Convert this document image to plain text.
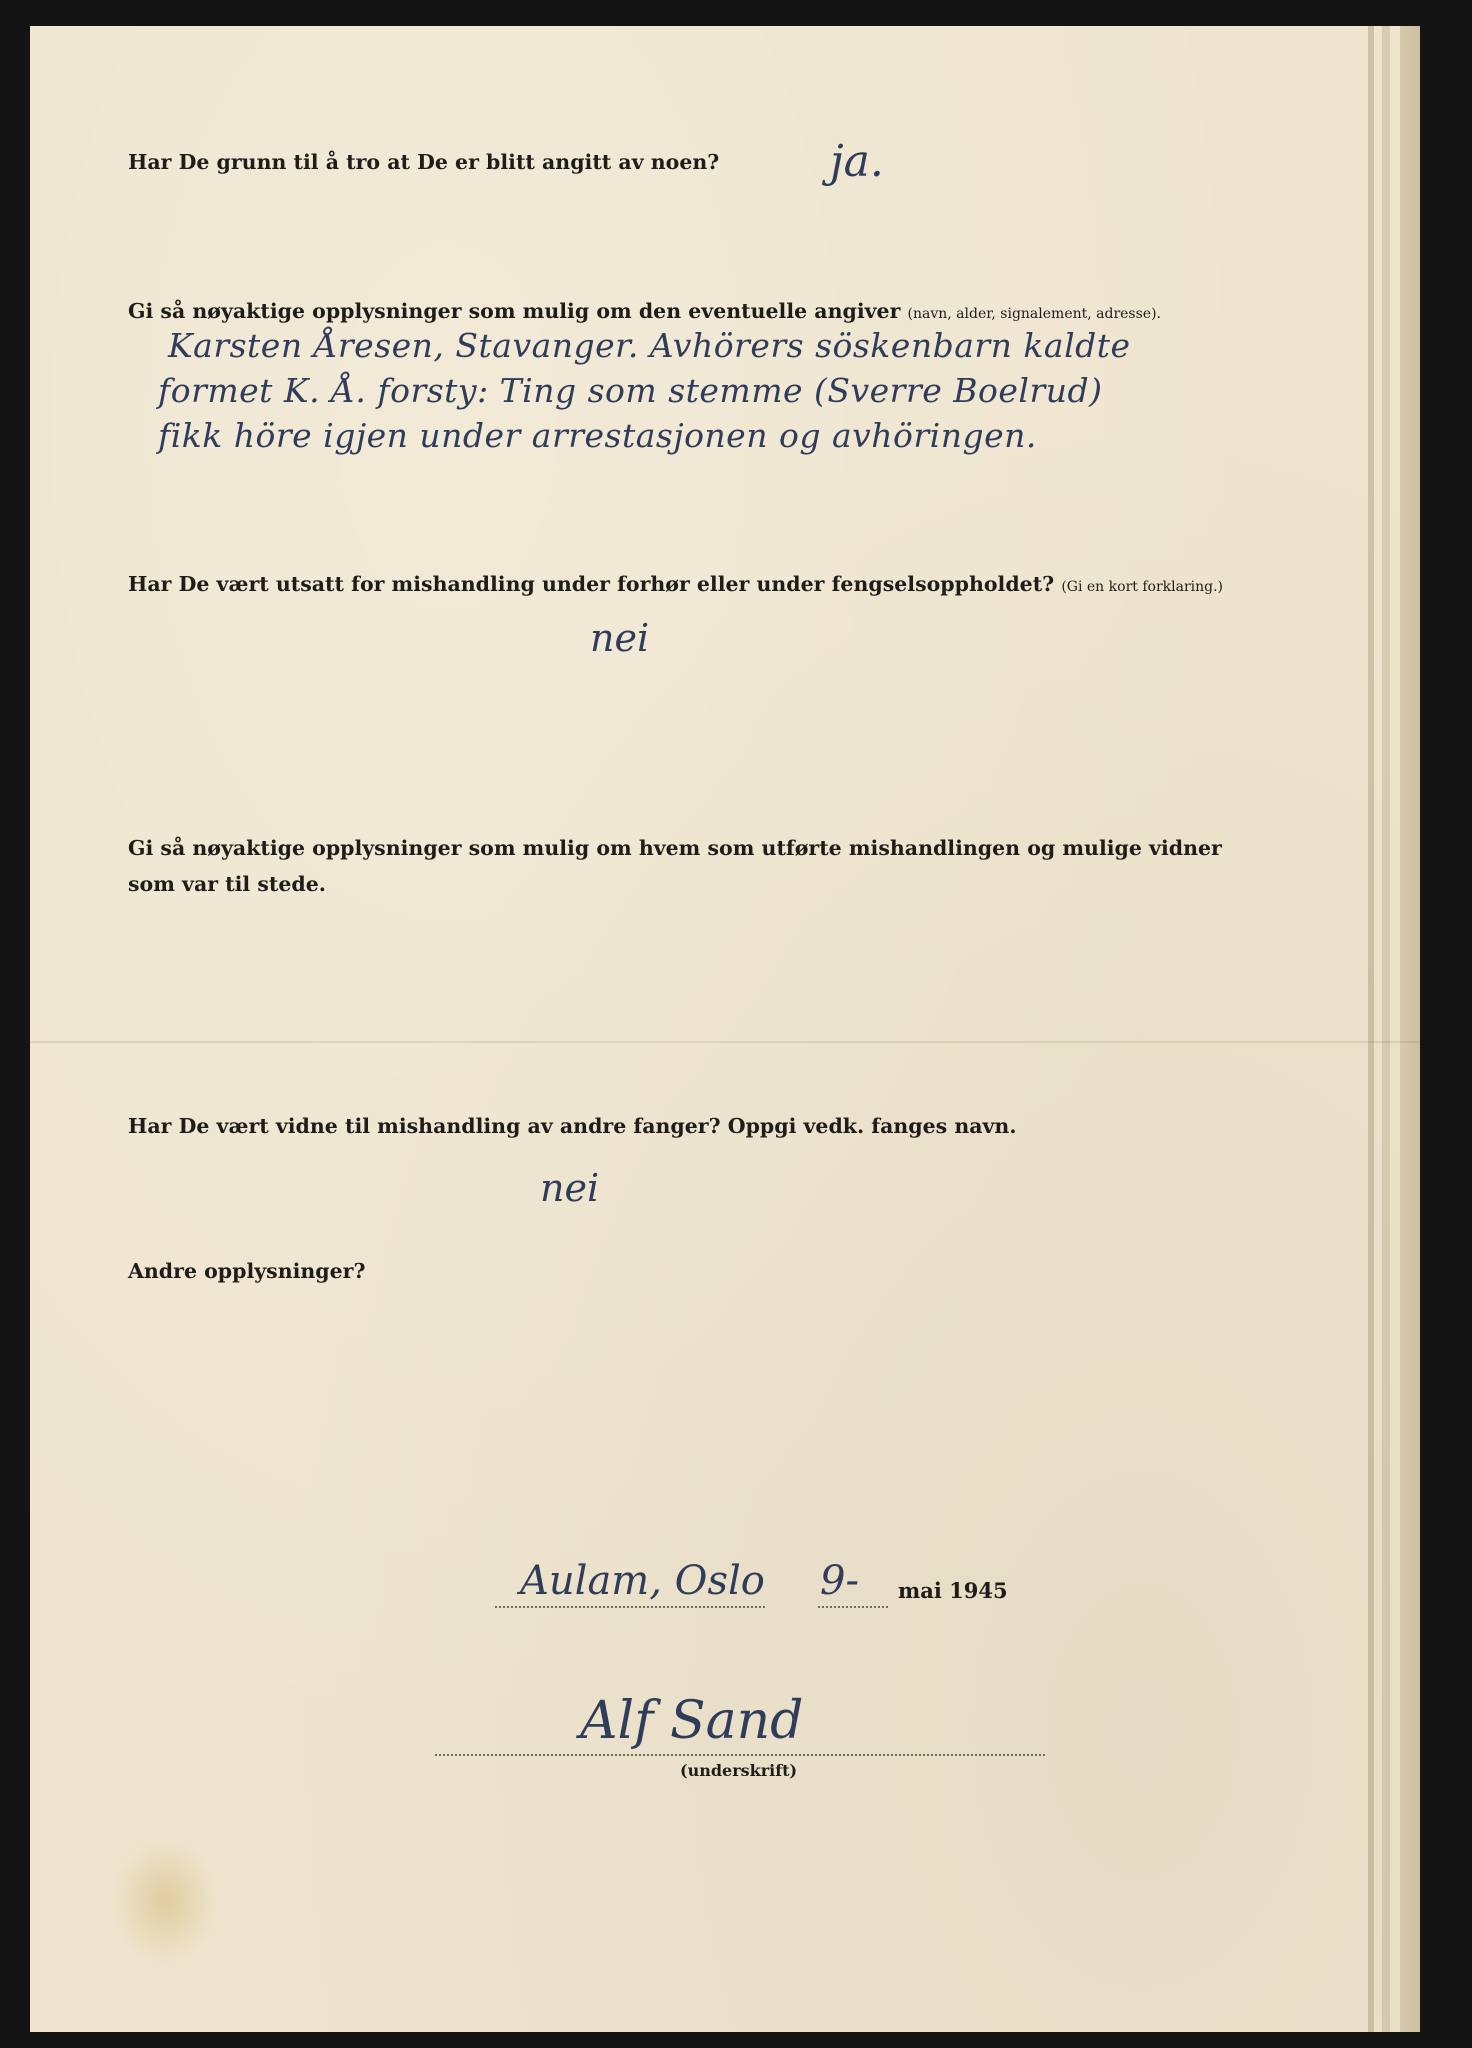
Har De grunn til å tro at De er blitt angitt av noen?	ja.
Gi så nøyaktige opplysninger som mulig om den eventuelle angiver (navn, alder, signalement, adresse).
Karsten Åresen, Stavanger. Avhörers söskenbarn kaldte
formet K. Å. forsty: Ting som stemme (Sverre Boelrud)
fikk höre igjen under arrestasjonen og avhöringen.
Har De vært utsatt for mishandling under forhør eller under fengselsoppholdet? (Gi en kort forklaring.)
nei
Gi så nøyaktige opplysninger som mulig om hvem som utførte mishandlingen og mulige vidner
som var til stede.
Har De vært vidne til mishandling av andre fanger? Oppgi vedk. fanges navn.
nei
Andre opplysninger?
Aulam, Oslo 9- mai 1945
Alf Sand
(underskrift)
